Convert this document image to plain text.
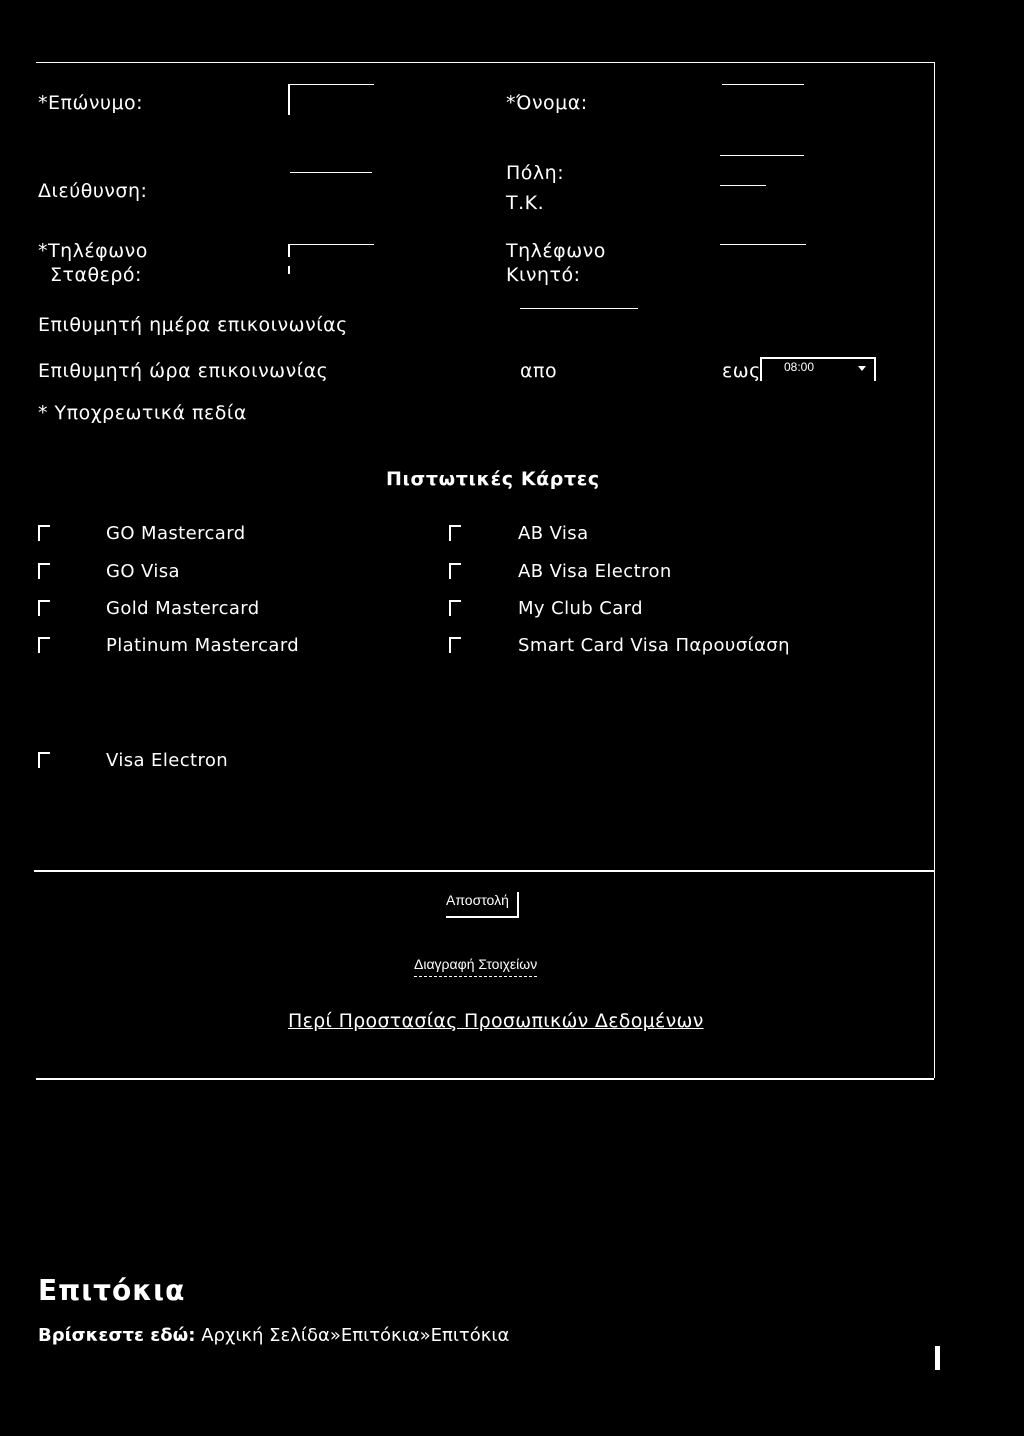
*Επώνυμο:	*Όνομα:
Διεύθυνση:
Πόλη:
Τ.Κ.
*Τηλέφωνο
Σταθερό:
Τηλέφωνο
Κινητό:
Επιθυμητή ημέρα επικοινωνίας
Επιθυμητή ώρα επικοινωνίας	απο	εως 08:00
* Υποχρεωτικά πεδία
Πιστωτικές Κάρτες
GO Mastercard
GO Visa
Gold Mastercard
Platinum Mastercard
AB Visa
AB Visa Electron
My Club Card
Smart Card Visa Παρουσίαση
Visa Electron
Αποστολή
Διαγραφή Στοιχείων
Περί Προστασίας Προσωπικών Δεδομένων
Επιτόκια
Βρίσκεστε εδώ: Αρχική Σελίδα»Επιτόκια»Επιτόκια
